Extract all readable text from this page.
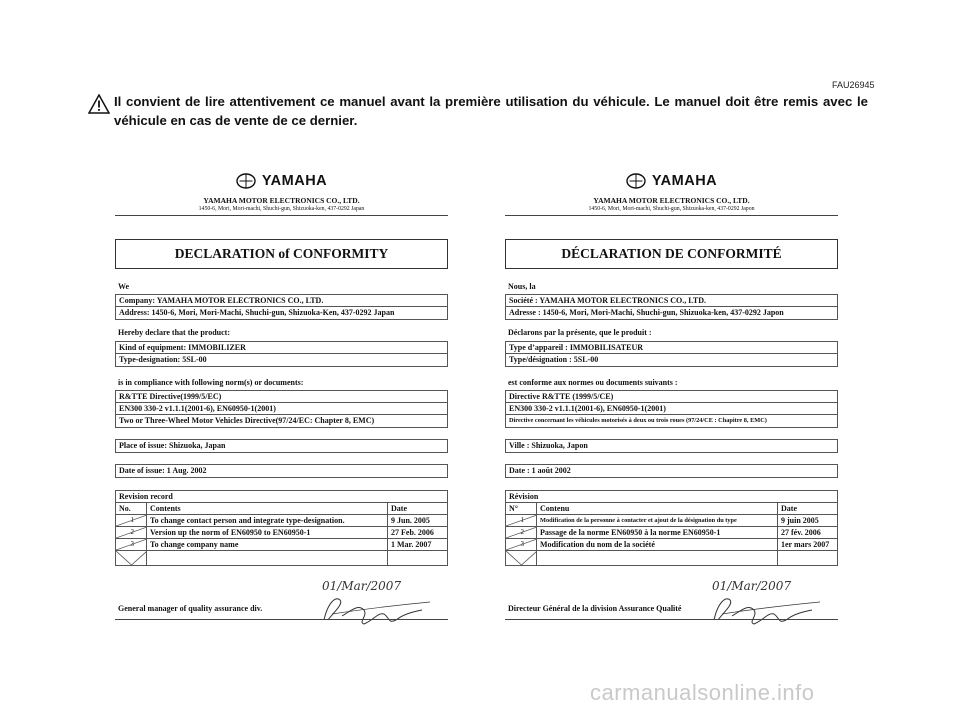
FAU26945
Il convient de lire attentivement ce manuel avant la première utilisation du véhicule. Le manuel doit être remis avec le véhicule en cas de vente de ce dernier.
YAMAHA
YAMAHA MOTOR ELECTRONICS CO., LTD.
1450-6, Mori, Mori-machi, Shuchi-gun, Shizuoka-ken, 437-0292 Japan
DECLARATION of CONFORMITY
We
Company: YAMAHA MOTOR ELECTRONICS CO., LTD.
Address: 1450-6, Mori, Mori-Machi, Shuchi-gun, Shizuoka-Ken, 437-0292 Japan
Hereby declare that the product:
Kind of equipment: IMMOBILIZER
Type-designation: 5SL-00
is in compliance with following norm(s) or documents:
R&TTE Directive(1999/5/EC)
EN300 330-2 v1.1.1(2001-6), EN60950-1(2001)
Two or Three-Wheel Motor Vehicles Directive(97/24/EC: Chapter 8, EMC)
Place of issue: Shizuoka, Japan
Date of issue: 1 Aug. 2002
Revision record
No.	Contents	Date
1	To change contact person and integrate type-designation.	9 Jun. 2005
2	Version up the norm of EN60950 to EN60950-1	27 Feb. 2006
3	To change company name	1 Mar. 2007
01/Mar/2007
General manager of quality assurance div.
YAMAHA
YAMAHA MOTOR ELECTRONICS CO., LTD.
1450-6, Mori, Mori-machi, Shuchi-gun, Shizuoka-ken, 437-0292 Japon
DÉCLARATION DE CONFORMITÉ
Nous, la
Société : YAMAHA MOTOR ELECTRONICS CO., LTD.
Adresse : 1450-6, Mori, Mori-Machi, Shuchi-gun, Shizuoka-ken, 437-0292 Japon
Déclarons par la présente, que le produit :
Type d’appareil : IMMOBILISATEUR
Type/désignation : 5SL-00
est conforme aux normes ou documents suivants :
Directive R&TTE (1999/5/CE)
EN300 330-2 v1.1.1(2001-6), EN60950-1(2001)
Directive concernant les véhicules motorisés à deux ou trois roues (97/24/CE : Chapitre 8, EMC)
Ville : Shizuoka, Japon
Date : 1 août 2002
Révision
N°	Contenu	Date
1	Modification de la personne à contacter et ajout de la désignation du type	9 juin 2005
2	Passage de la norme EN60950 à la norme EN60950-1	27 fév. 2006
3	Modification du nom de la société	1er mars 2007
01/Mar/2007
Directeur Général de la division Assurance Qualité
carmanualsonline.info
